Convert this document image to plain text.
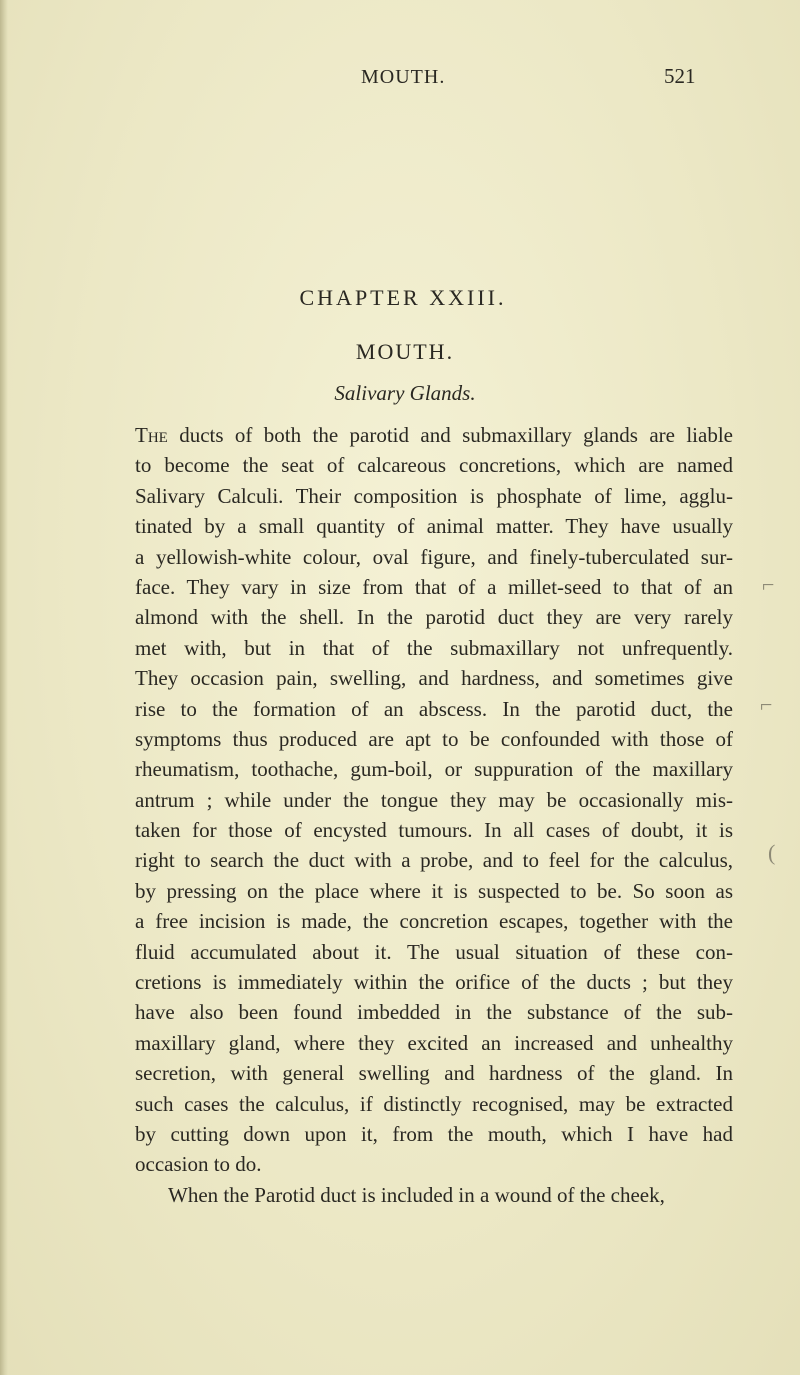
MOUTH.	521
CHAPTER XXIII.
MOUTH.
Salivary Glands.
The ducts of both the parotid and submaxillary glands are liable
to become the seat of calcareous concretions, which are named
Salivary Calculi. Their composition is phosphate of lime, agglu-
tinated by a small quantity of animal matter. They have usually
a yellowish-white colour, oval figure, and finely-tuberculated sur-
face. They vary in size from that of a millet-seed to that of an
almond with the shell. In the parotid duct they are very rarely
met with, but in that of the submaxillary not unfrequently.
They occasion pain, swelling, and hardness, and sometimes give
rise to the formation of an abscess. In the parotid duct, the
symptoms thus produced are apt to be confounded with those of
rheumatism, toothache, gum-boil, or suppuration of the maxillary
antrum ; while under the tongue they may be occasionally mis-
taken for those of encysted tumours. In all cases of doubt, it is
right to search the duct with a probe, and to feel for the calculus,
by pressing on the place where it is suspected to be. So soon as
a free incision is made, the concretion escapes, together with the
fluid accumulated about it. The usual situation of these con-
cretions is immediately within the orifice of the ducts ; but they
have also been found imbedded in the substance of the sub-
maxillary gland, where they excited an increased and unhealthy
secretion, with general swelling and hardness of the gland. In
such cases the calculus, if distinctly recognised, may be extracted
by cutting down upon it, from the mouth, which I have had
occasion to do.
When the Parotid duct is included in a wound of the cheek,
⌐
⌐
(
